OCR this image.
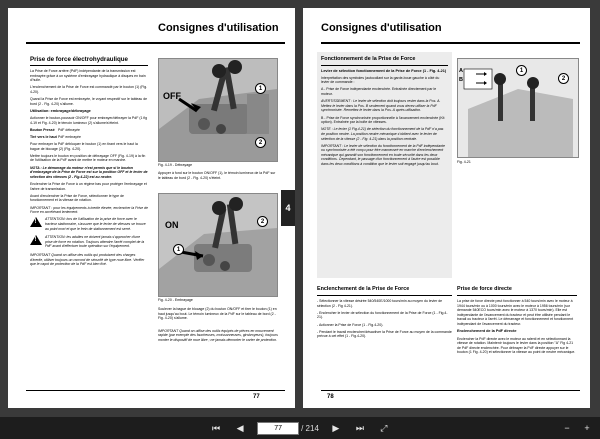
Consignes d'utilisation
Prise de force électrohydraulique

La Prise de Force arrière (PdF) indépendante de la transmission est embrayée grâce à un système d'embrayage hydraulique à disques en bain d'huile.

L'enclenchement de la Prise de Force est commandé par le bouton (1) (Fig. 4-20).

Quand la Prise de Force est embrayée, le voyant respectif sur le tableau de bord (2 - Fig. 4-20) s'allume.

Utilisation: embrayage/débrayage

Actionner le bouton-poussoir ON/OFF pour embrayer/débrayer la PdF (1 fig 4-19 et Fig. 4-20) le témoin lumineux (2) s'allume/s'éteint.

Bouton Pressé PdF débrayée
Tiré vers le haut PdF embrayée

Pour embrayer la PdF débloquer le bouton (1) en tirant vers le haut la bague de blocage (2) (Fig. 4-20).

Mettre toujours le bouton en position de débrayage OFF (Fig. 4-19) à la fin de l'utilisation de la PdF avant de mettre le moteur en marche.

NOTA : Le démarrage du moteur n'est permis que si le bouton d'embrayage de la Prise de Force est sur la position OFF et le levier de sélection des vitesses (2 - Fig.4-22) est au neutre.

Enclencher la Prise de Force à un régime bas pour protéger l'embrayage et l'arbre de transmission.

Avant d'enclencher la Prise de Force, sélectionner le type de fonctionnement et la vitesse de rotation.

IMPORTANT : pour les équipements à inertie élevée, enclencher la Prise de Force en accélérant lentement.

!
ATTENTION: lors de l'utilisation de la prise de force avec le tracteur stationnaire, s'assurer que le levier de vitesses se trouve au point mort et que le frein de stationnement est serré.
!
ATTENTION: les adultes ne doivent jamais s'approcher d'une prise de force en rotation. Toujours attendre l'arrêt complet de la PdF avant d'effectuer toute opération sur l'équipement.

IMPORTANT Quand on utilise des outils qui produisent des charges d'inertie, utiliser toujours un raccord de sécurité de type roue libre. Vérifier que le capot de protection de la PdF est bien fixé.

OFF
1
2
Fig. 4-19 - Débrayage

Appuyer à fond sur le bouton ON/OFF (1), le témoin lumineux de la PdF sur le tableau de bord (2 - Fig. 4-20) s'éteint.

ON
1
2
Fig. 4-20 - Embrayage

Soulever la bague de blocage (2) du bouton ON/OFF et tirer le bouton (1) en haut jusqu'au bout. Le témoin lumineux de la PdF sur le tableau de bord (2 - Fig. 4-20) s'allume.

IMPORTANT Quand on utilise des outils équipés de pièces en mouvement rapide (par exemple des faucheuses, moissonneuses, girobroyeurs), toujours monter le dispositif de roue libre ; ne jamais démonter le carter de protection.

77
4
Consignes d'utilisation
Fonctionnement de la Prise de Force
Levier de sélection fonctionnement de la Prise de Force (1 - Fig. 4-21)

Interprétation des symboles (autocollant sur la garde-boue gauche à côté du levier de commande :

A - Prise de Force indépendante enclenchée. Entraînée directement par le moteur.

AVERTISSEMENT : Le levier de sélection doit toujours rester dans la Pos. A. Mettez le levier dans la Pos. B seulement quand vous devez utiliser la PdF synchronisée. Remettez le levier dans la Pos. A après utilisation.

B - Prise de Force synchronisée proportionnelle à l'avancement enclenchée (Kit option). Entraînée par la boîte de vitesses.

NOTE : Le levier (1 Fig.4-21) de sélection du fonctionnement de la PdF n'a pas de position neutre. La position neutre mécanique s'obtient avec le levier de sélection de la vitesse (2 - Fig. 4-21) dans la position centrale.

IMPORTANT : Le levier de sélection du fonctionnement de la PdF indépendante ou synchronisée a été conçu pour être manœuvré en marche d'enclenchement mécanique qui garantit son fonctionnement en toute sécurité dans les deux conditions. Cependant, le passage d'un fonctionnement à l'autre est possible dans les deux conditions à condition que le levier soit engagé jusqu'au bout.

A
B
1
2
Fig. 4-21
Enclenchement de la Prise de Force

- Sélectionner la vitesse désirée 540/540E/1000 tours/min au moyen du levier de sélection (2 - Fig 4-21).

- Enclencher le levier de sélection du fonctionnement de la Prise de Force (1 - Fig.4-21).

- Actionner la Prise de Force (1 - Fig.4-20).

- Pendant le travail enclencher/désactiver la Prise de Force au moyen de la commande prévue à cet effet (1 - Fig.4-20).

Prise de force directe

La prise de force directe peut fonctionner à 540 tours/min avec le moteur à 1944 tours/min ou à 1000 tours/min avec le moteur à 1956 tours/min (sur demande 540ECO tours/min avec le moteur à 1370 tours/min). Elle est indépendante de l'avancement du tracteur et peut être utilisée pendant le travail ou tracteur à l'arrêt. Le démarrage et fonctionnement et fonctionnent indépendant de l'avancement du tracteur.

Enclenchement de la PdF directe

Enclencher la PdF directe avec le moteur au ralenti et en sélectionnant la vitesse de rotation. Maintenir toujours le levier dans la position "A" Fig 4-21 de PdF directe enclenchée. Pour débrayer la PdF directe appuyer sur le bouton (1 Fig. 4-20) et sélectionner la vitesse au point de neutre mécanique.

78
⏮	◀
77	/ 214	▶	⏭	⤢	−	+
